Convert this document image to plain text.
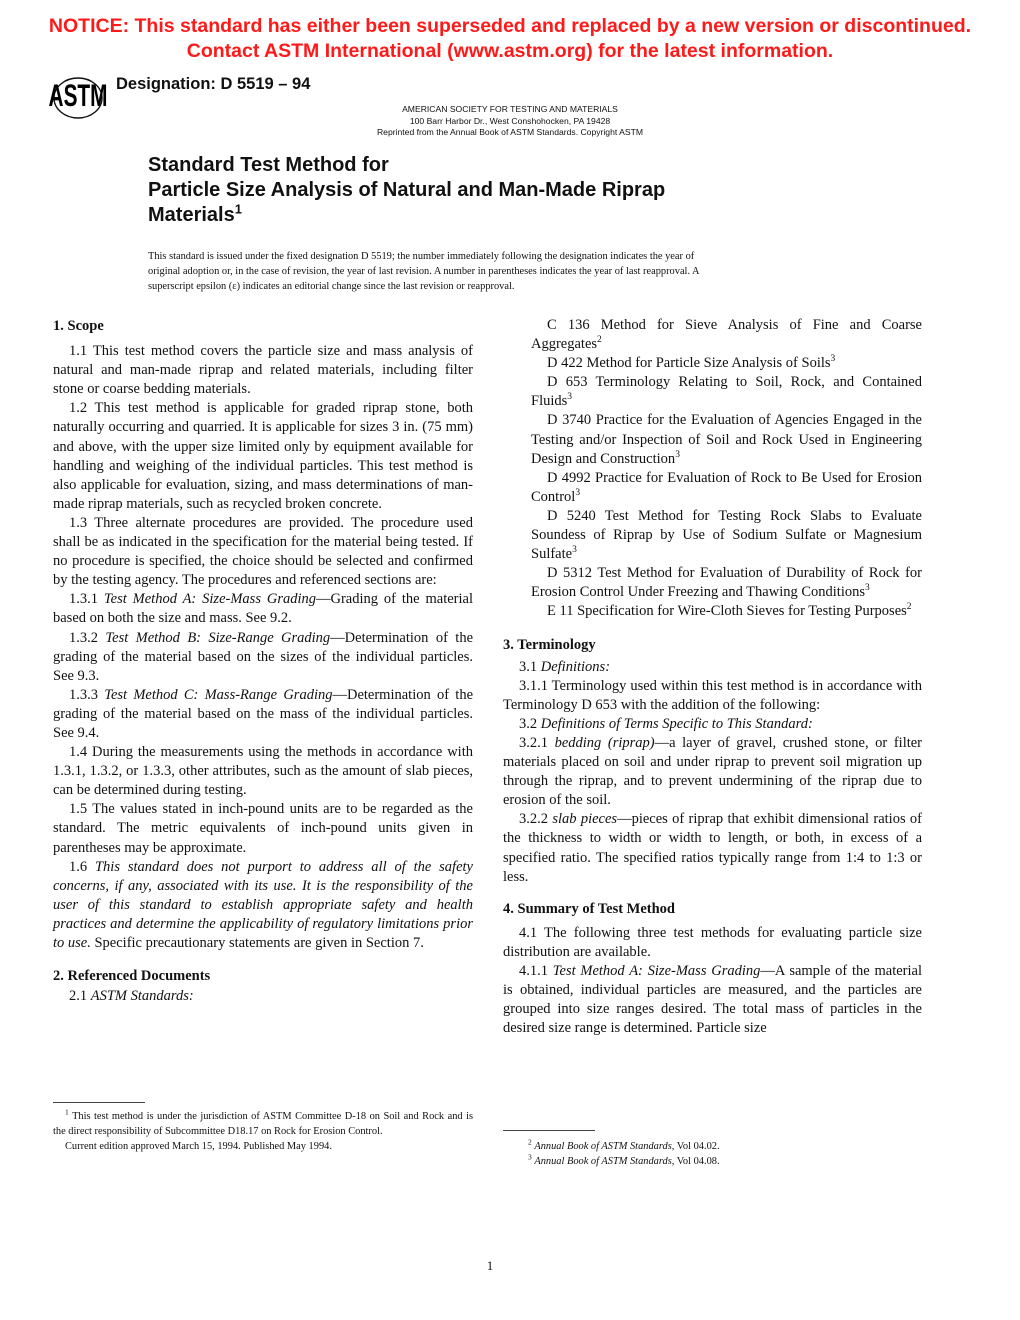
NOTICE: This standard has either been superseded and replaced by a new version or discontinued.
Contact ASTM International (www.astm.org) for the latest information.
ASTM Designation: D 5519 – 94
AMERICAN SOCIETY FOR TESTING AND MATERIALS
100 Barr Harbor Dr., West Conshohocken, PA 19428
Reprinted from the Annual Book of ASTM Standards. Copyright ASTM
Standard Test Method for
Particle Size Analysis of Natural and Man-Made Riprap
Materials$^1$
This standard is issued under the fixed designation D 5519; the number immediately following the designation indicates the year of
original adoption or, in the case of revision, the year of last revision. A number in parentheses indicates the year of last reapproval. A
superscript epsilon (ε) indicates an editorial change since the last revision or reapproval.
1. Scope

1.1 This test method covers the particle size and mass analysis of natural and man-made riprap and related materials, including filter stone or coarse bedding materials.

1.2 This test method is applicable for graded riprap stone, both naturally occurring and quarried. It is applicable for sizes 3 in. (75 mm) and above, with the upper size limited only by equipment available for handling and weighing of the individual particles. This test method is also applicable for evaluation, sizing, and mass determinations of man-made riprap materials, such as recycled broken concrete.

1.3 Three alternate procedures are provided. The procedure used shall be as indicated in the specification for the material being tested. If no procedure is specified, the choice should be selected and confirmed by the testing agency. The procedures and referenced sections are:

1.3.1 Test Method A: Size-Mass Grading—Grading of the material based on both the size and mass. See 9.2.

1.3.2 Test Method B: Size-Range Grading—Determination of the grading of the material based on the sizes of the individual particles. See 9.3.

1.3.3 Test Method C: Mass-Range Grading—Determination of the grading of the material based on the mass of the individual particles. See 9.4.

1.4 During the measurements using the methods in accordance with 1.3.1, 1.3.2, or 1.3.3, other attributes, such as the amount of slab pieces, can be determined during testing.

1.5 The values stated in inch-pound units are to be regarded as the standard. The metric equivalents of inch-pound units given in parentheses may be approximate.

1.6 This standard does not purport to address all of the safety concerns, if any, associated with its use. It is the responsibility of the user of this standard to establish appropriate safety and health practices and determine the applicability of regulatory limitations prior to use. Specific precautionary statements are given in Section 7.

2. Referenced Documents

2.1 ASTM Standards:

C 136 Method for Sieve Analysis of Fine and Coarse Aggregates$^2$

D 422 Method for Particle Size Analysis of Soils$^3$

D 653 Terminology Relating to Soil, Rock, and Contained Fluids$^3$

D 3740 Practice for the Evaluation of Agencies Engaged in the Testing and/or Inspection of Soil and Rock Used in Engineering Design and Construction$^3$

D 4992 Practice for Evaluation of Rock to Be Used for Erosion Control$^3$

D 5240 Test Method for Testing Rock Slabs to Evaluate Soundess of Riprap by Use of Sodium Sulfate or Magnesium Sulfate$^3$

D 5312 Test Method for Evaluation of Durability of Rock for Erosion Control Under Freezing and Thawing Conditions$^3$

E 11 Specification for Wire-Cloth Sieves for Testing Purposes$^2$

3. Terminology

3.1 Definitions:

3.1.1 Terminology used within this test method is in accordance with Terminology D 653 with the addition of the following:

3.2 Definitions of Terms Specific to This Standard:

3.2.1 bedding (riprap)—a layer of gravel, crushed stone, or filter materials placed on soil and under riprap to prevent soil migration up through the riprap, and to prevent undermining of the riprap due to erosion of the soil.

3.2.2 slab pieces—pieces of riprap that exhibit dimensional ratios of the thickness to width or width to length, or both, in excess of a specified ratio. The specified ratios typically range from 1:4 to 1:3 or less.

4. Summary of Test Method

4.1 The following three test methods for evaluating particle size distribution are available.

4.1.1 Test Method A: Size-Mass Grading—A sample of the material is obtained, individual particles are measured, and the particles are grouped into size ranges desired. The total mass of particles in the desired size range is determined. Particle size

$^1$ This test method is under the jurisdiction of ASTM Committee D-18 on Soil and Rock and is the direct responsibility of Subcommittee D18.17 on Rock for Erosion Control.

Current edition approved March 15, 1994. Published May 1994.	$^2$ Annual Book of ASTM Standards, Vol 04.02.

$^3$ Annual Book of ASTM Standards, Vol 04.08.

1
